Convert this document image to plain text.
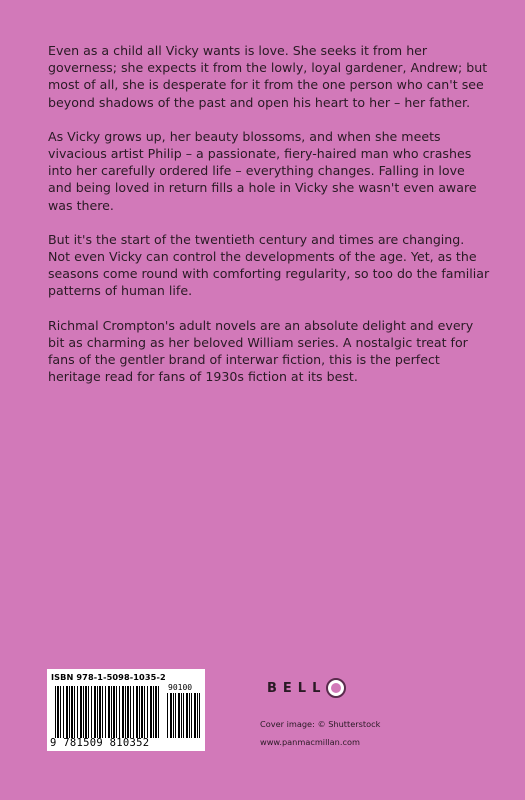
Even as a child all Vicky wants is love. She seeks it from her governess; she expects it from the lowly, loyal gardener, Andrew; but most of all, she is desperate for it from the one person who can't see beyond shadows of the past and open his heart to her – her father.

As Vicky grows up, her beauty blossoms, and when she meets vivacious artist Philip – a passionate, fiery-haired man who crashes into her carefully ordered life – everything changes. Falling in love and being loved in return fills a hole in Vicky she wasn't even aware was there.

But it's the start of the twentieth century and times are changing. Not even Vicky can control the developments of the age. Yet, as the seasons come round with comforting regularity, so too do the familiar patterns of human life.

Richmal Crompton's adult novels are an absolute delight and every bit as charming as her beloved William series. A nostalgic treat for fans of the gentler brand of interwar fiction, this is the perfect heritage read for fans of 1930s fiction at its best.

ISBN 978-1-5098-1035-2
90100
9 781509 810352
BELL
Cover image: © Shutterstock
www.panmacmillan.com
